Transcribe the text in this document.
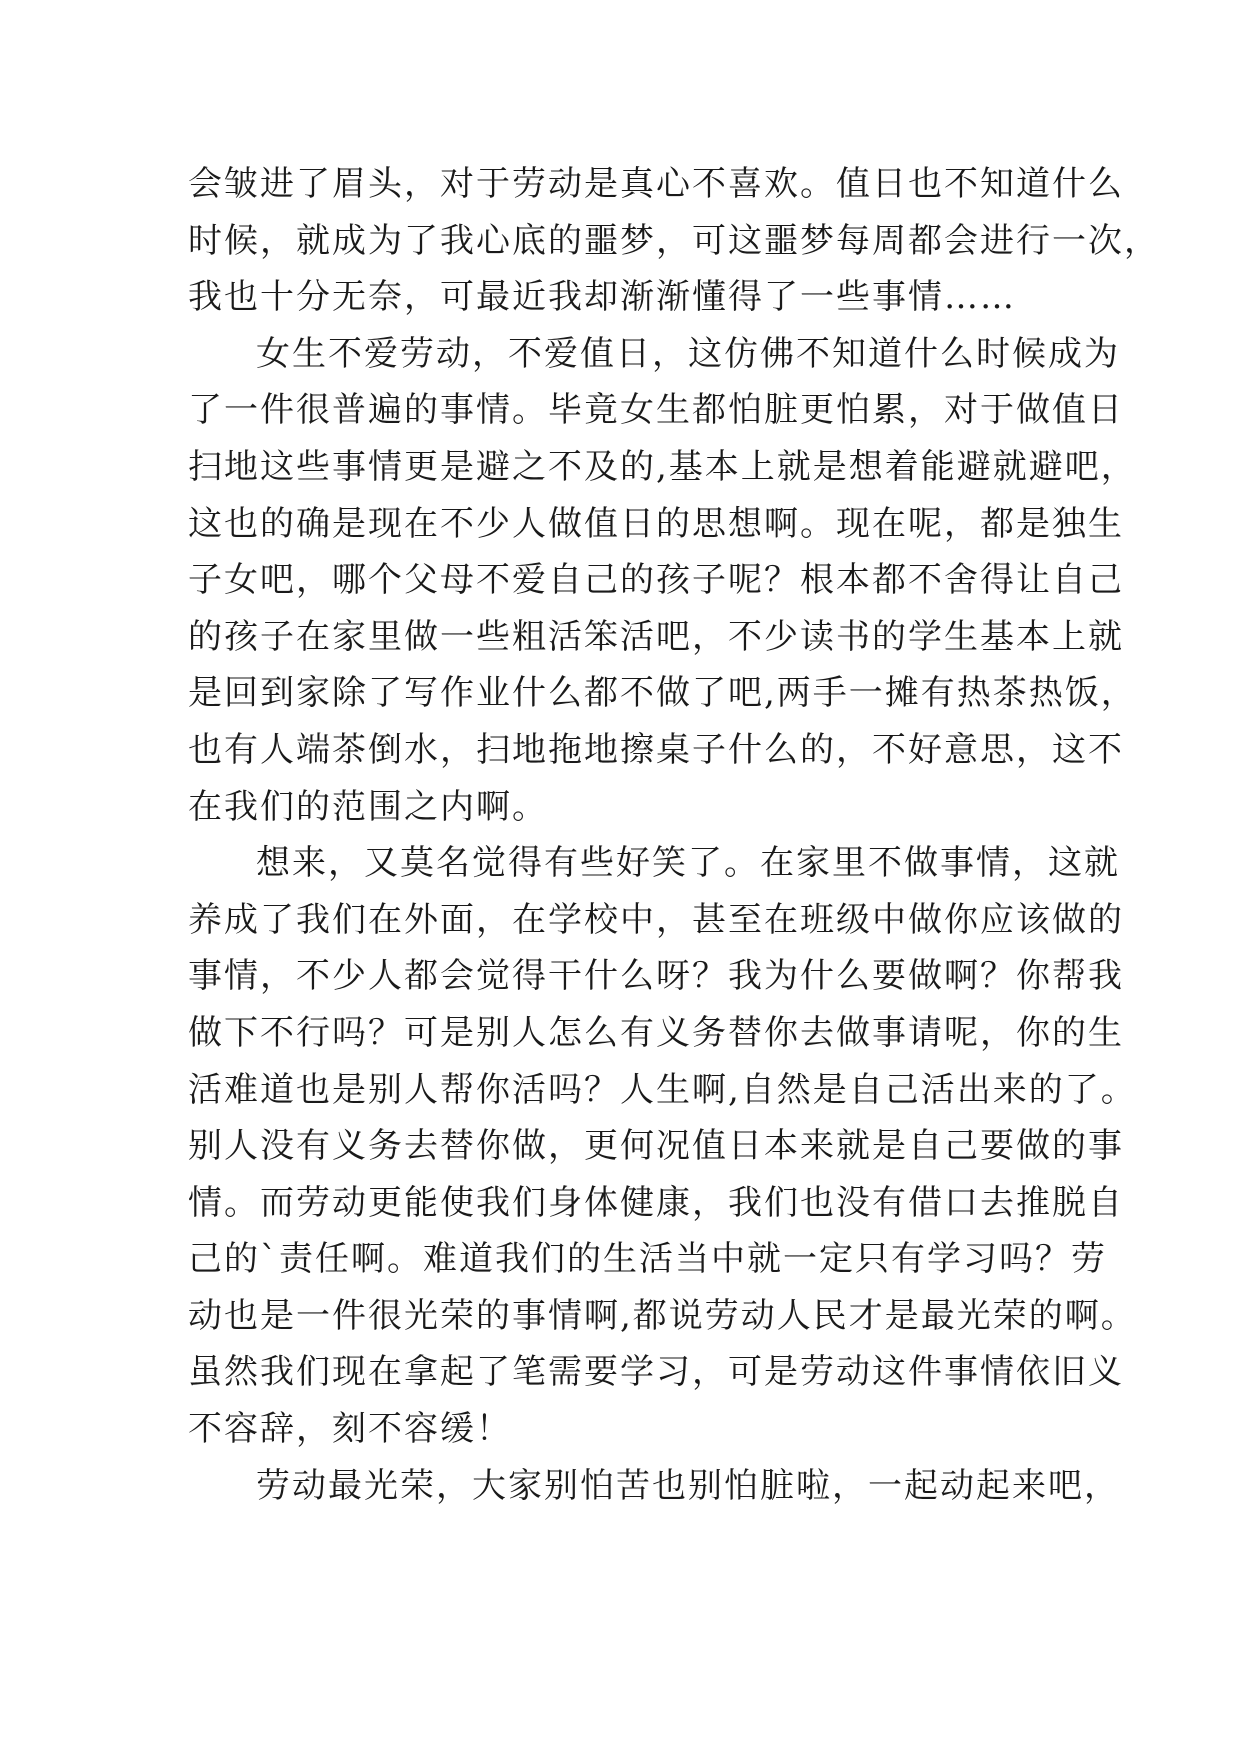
会皱进了眉头，对于劳动是真心不喜欢。值日也不知道什么
时候，就成为了我心底的噩梦，可这噩梦每周都会进行一次，
我也十分无奈，可最近我却渐渐懂得了一些事情……
女生不爱劳动，不爱值日，这仿佛不知道什么时候成为
了一件很普遍的事情。毕竟女生都怕脏更怕累，对于做值日
扫地这些事情更是避之不及的,基本上就是想着能避就避吧，
这也的确是现在不少人做值日的思想啊。现在呢，都是独生
子女吧，哪个父母不爱自己的孩子呢？根本都不舍得让自己
的孩子在家里做一些粗活笨活吧，不少读书的学生基本上就
是回到家除了写作业什么都不做了吧,两手一摊有热茶热饭，
也有人端茶倒水，扫地拖地擦桌子什么的，不好意思，这不
在我们的范围之内啊。
想来，又莫名觉得有些好笑了。在家里不做事情，这就
养成了我们在外面，在学校中，甚至在班级中做你应该做的
事情，不少人都会觉得干什么呀？我为什么要做啊？你帮我
做下不行吗？可是别人怎么有义务替你去做事请呢，你的生
活难道也是别人帮你活吗？人生啊,自然是自己活出来的了。
别人没有义务去替你做，更何况值日本来就是自己要做的事
情。而劳动更能使我们身体健康，我们也没有借口去推脱自
己的`责任啊。难道我们的生活当中就一定只有学习吗？劳
动也是一件很光荣的事情啊,都说劳动人民才是最光荣的啊。
虽然我们现在拿起了笔需要学习，可是劳动这件事情依旧义
不容辞，刻不容缓！
劳动最光荣，大家别怕苦也别怕脏啦，一起动起来吧，
